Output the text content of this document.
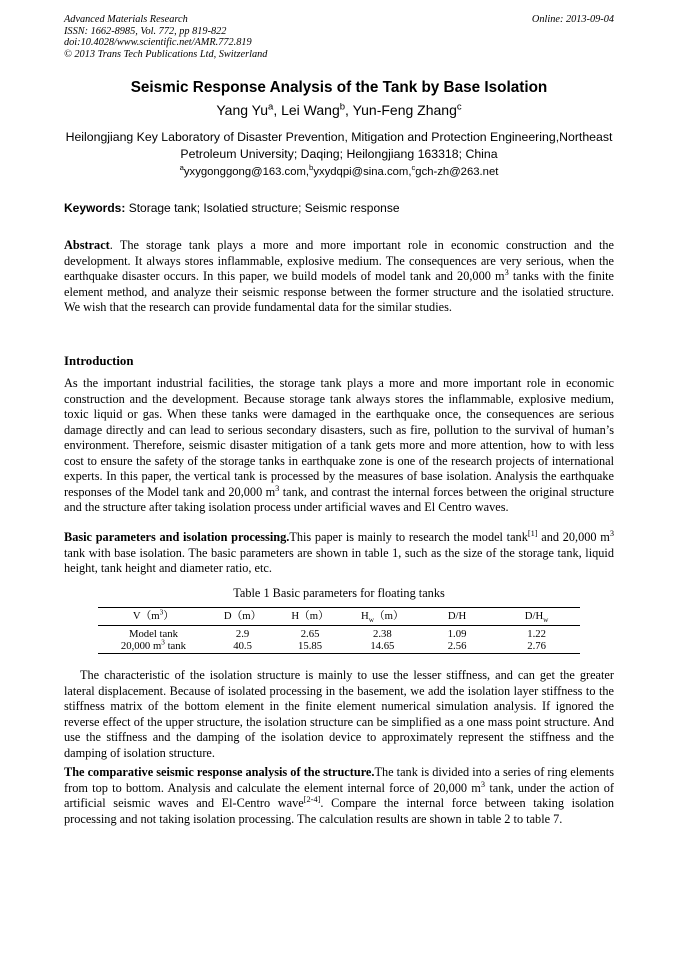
Advanced Materials Research
ISSN: 1662-8985, Vol. 772, pp 819-822
doi:10.4028/www.scientific.net/AMR.772.819
© 2013 Trans Tech Publications Ltd, Switzerland
Online: 2013-09-04
Seismic Response Analysis of the Tank by Base Isolation
Yang Yu$^a$, Lei Wang$^b$, Yun-Feng Zhang$^c$
Heilongjiang Key Laboratory of Disaster Prevention, Mitigation and Protection Engineering,Northeast Petroleum University; Daqing; Heilongjiang 163318; China
$^a$yxygonggong@163.com,$^b$yxydqpi@sina.com,$^c$gch-zh@263.net
Keywords: Storage tank; Isolatied structure; Seismic response
Abstract. The storage tank plays a more and more important role in economic construction and the development. It always stores inflammable, explosive medium. The consequences are very serious, when the earthquake disaster occurs. In this paper, we build models of model tank and 20,000 $m^3$ tanks with the finite element method, and analyze their seismic response between the former structure and the isolatied structure. We wish that the research can provide fundamental data for the similar studies.
Introduction
As the important industrial facilities, the storage tank plays a more and more important role in economic construction and the development. Because storage tank always stores the inflammable, explosive medium, toxic liquid or gas. When these tanks were damaged in the earthquake once, the consequences are serious damage directly and can lead to serious secondary disasters, such as fire, pollution to the survival of human’s environment. Therefore, seismic disaster mitigation of a tank gets more and more attention, how to with less cost to ensure the safety of the storage tanks in earthquake zone is one of the research projects of international experts. In this paper, the vertical tank is processed by the measures of base isolation. Analysis the earthquake responses of the Model tank and 20,000 $m^3$ tank, and contrast the internal forces between the original structure and the structure after taking isolation process under artificial waves and El Centro waves.
Basic parameters and isolation processing.This paper is mainly to research the model tank[1] and 20,000 $m^3$ tank with base isolation. The basic parameters are shown in table 1, such as the size of the storage tank, liquid height, tank height and diameter ratio, etc.
Table 1 Basic parameters for floating tanks
$V(m^3)$	D（m）	H（m）	$H_w(m)$	D/H	$D/H_w$
Model tank	2.9	2.65	2.38	1.09	1.22
20,000 $m^3$ tank	40.5	15.85	14.65	2.56	2.76
The characteristic of the isolation structure is mainly to use the lesser stiffness, and can get the greater lateral displacement. Because of isolated processing in the basement, we add the isolation layer stiffness to the stiffness matrix of the bottom element in the finite element numerical simulation analysis. If ignored the reverse effect of the upper structure, the isolation structure can be simplified as a one mass point structure. And use the stiffness and the damping of the isolation device to approximately represent the stiffness and the damping of isolation structure.
The comparative seismic response analysis of the structure.The tank is divided into a series of ring elements from top to bottom. Analysis and calculate the element internal force of 20,000 $m^3$ tank, under the action of artificial seismic waves and El-Centro wave[2-4]. Compare the internal force between taking isolation processing and not taking isolation processing. The calculation results are shown in table 2 to table 7.
